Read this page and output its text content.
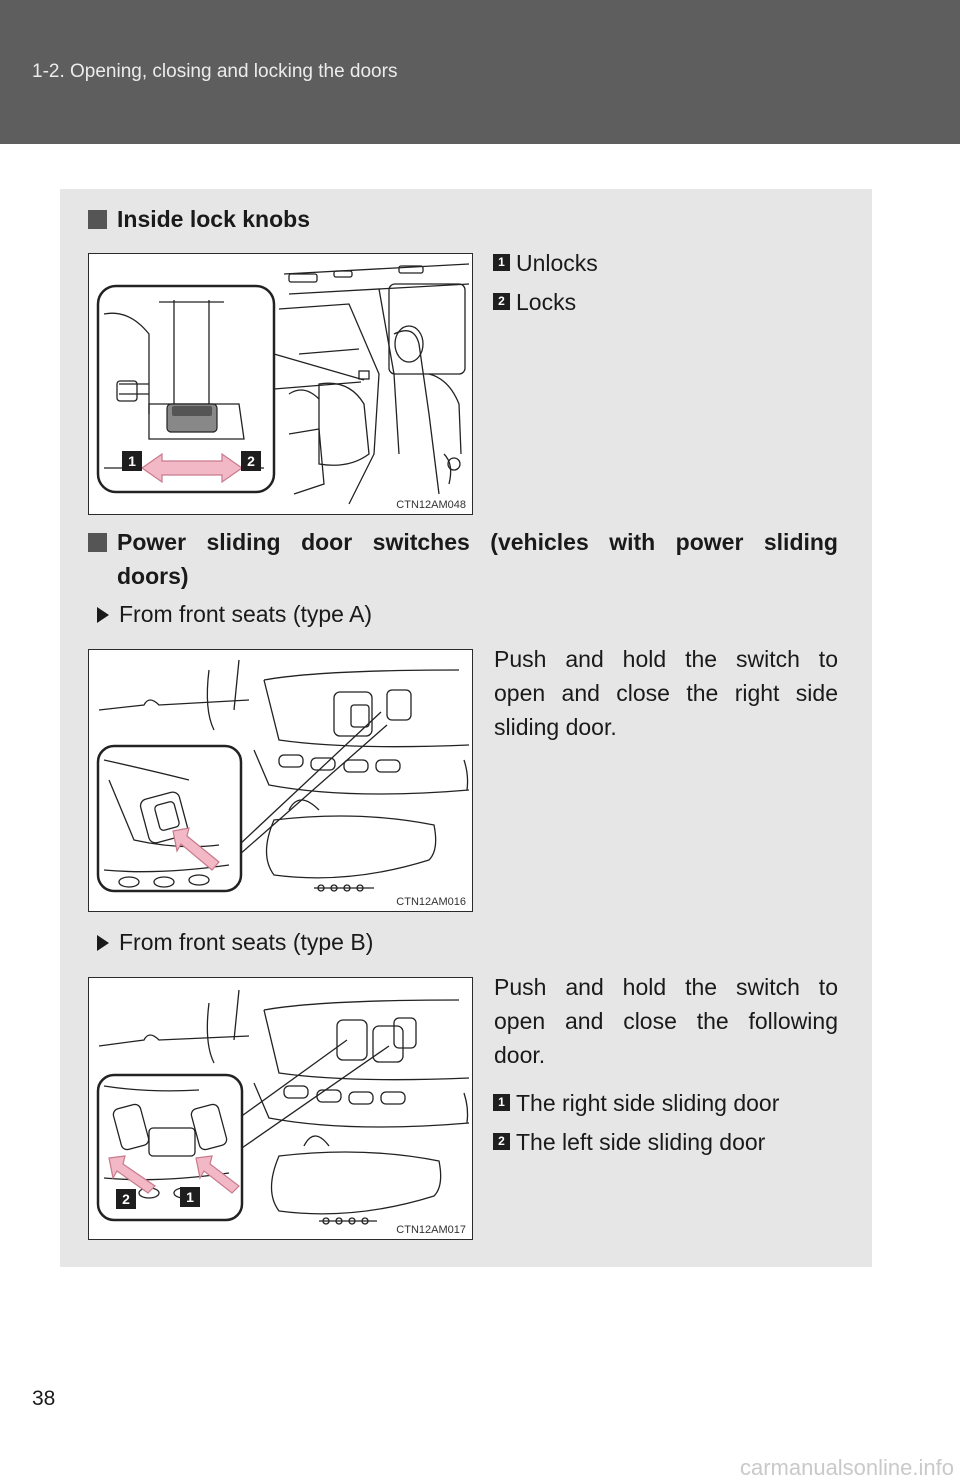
1-2. Opening, closing and locking the doors
Inside lock knobs
1	2
CTN12AM048
1 Unlocks
2 Locks
Power sliding door switches (vehicles with power sliding
doors)
From front seats (type A)
CTN12AM016
Push and hold the switch to
open and close the right side
sliding door.
From front seats (type B)
2	1
CTN12AM017
Push and hold the switch to
open and close the following
door.
1 The right side sliding door
2 The left side sliding door
38
carmanualsonline.info
